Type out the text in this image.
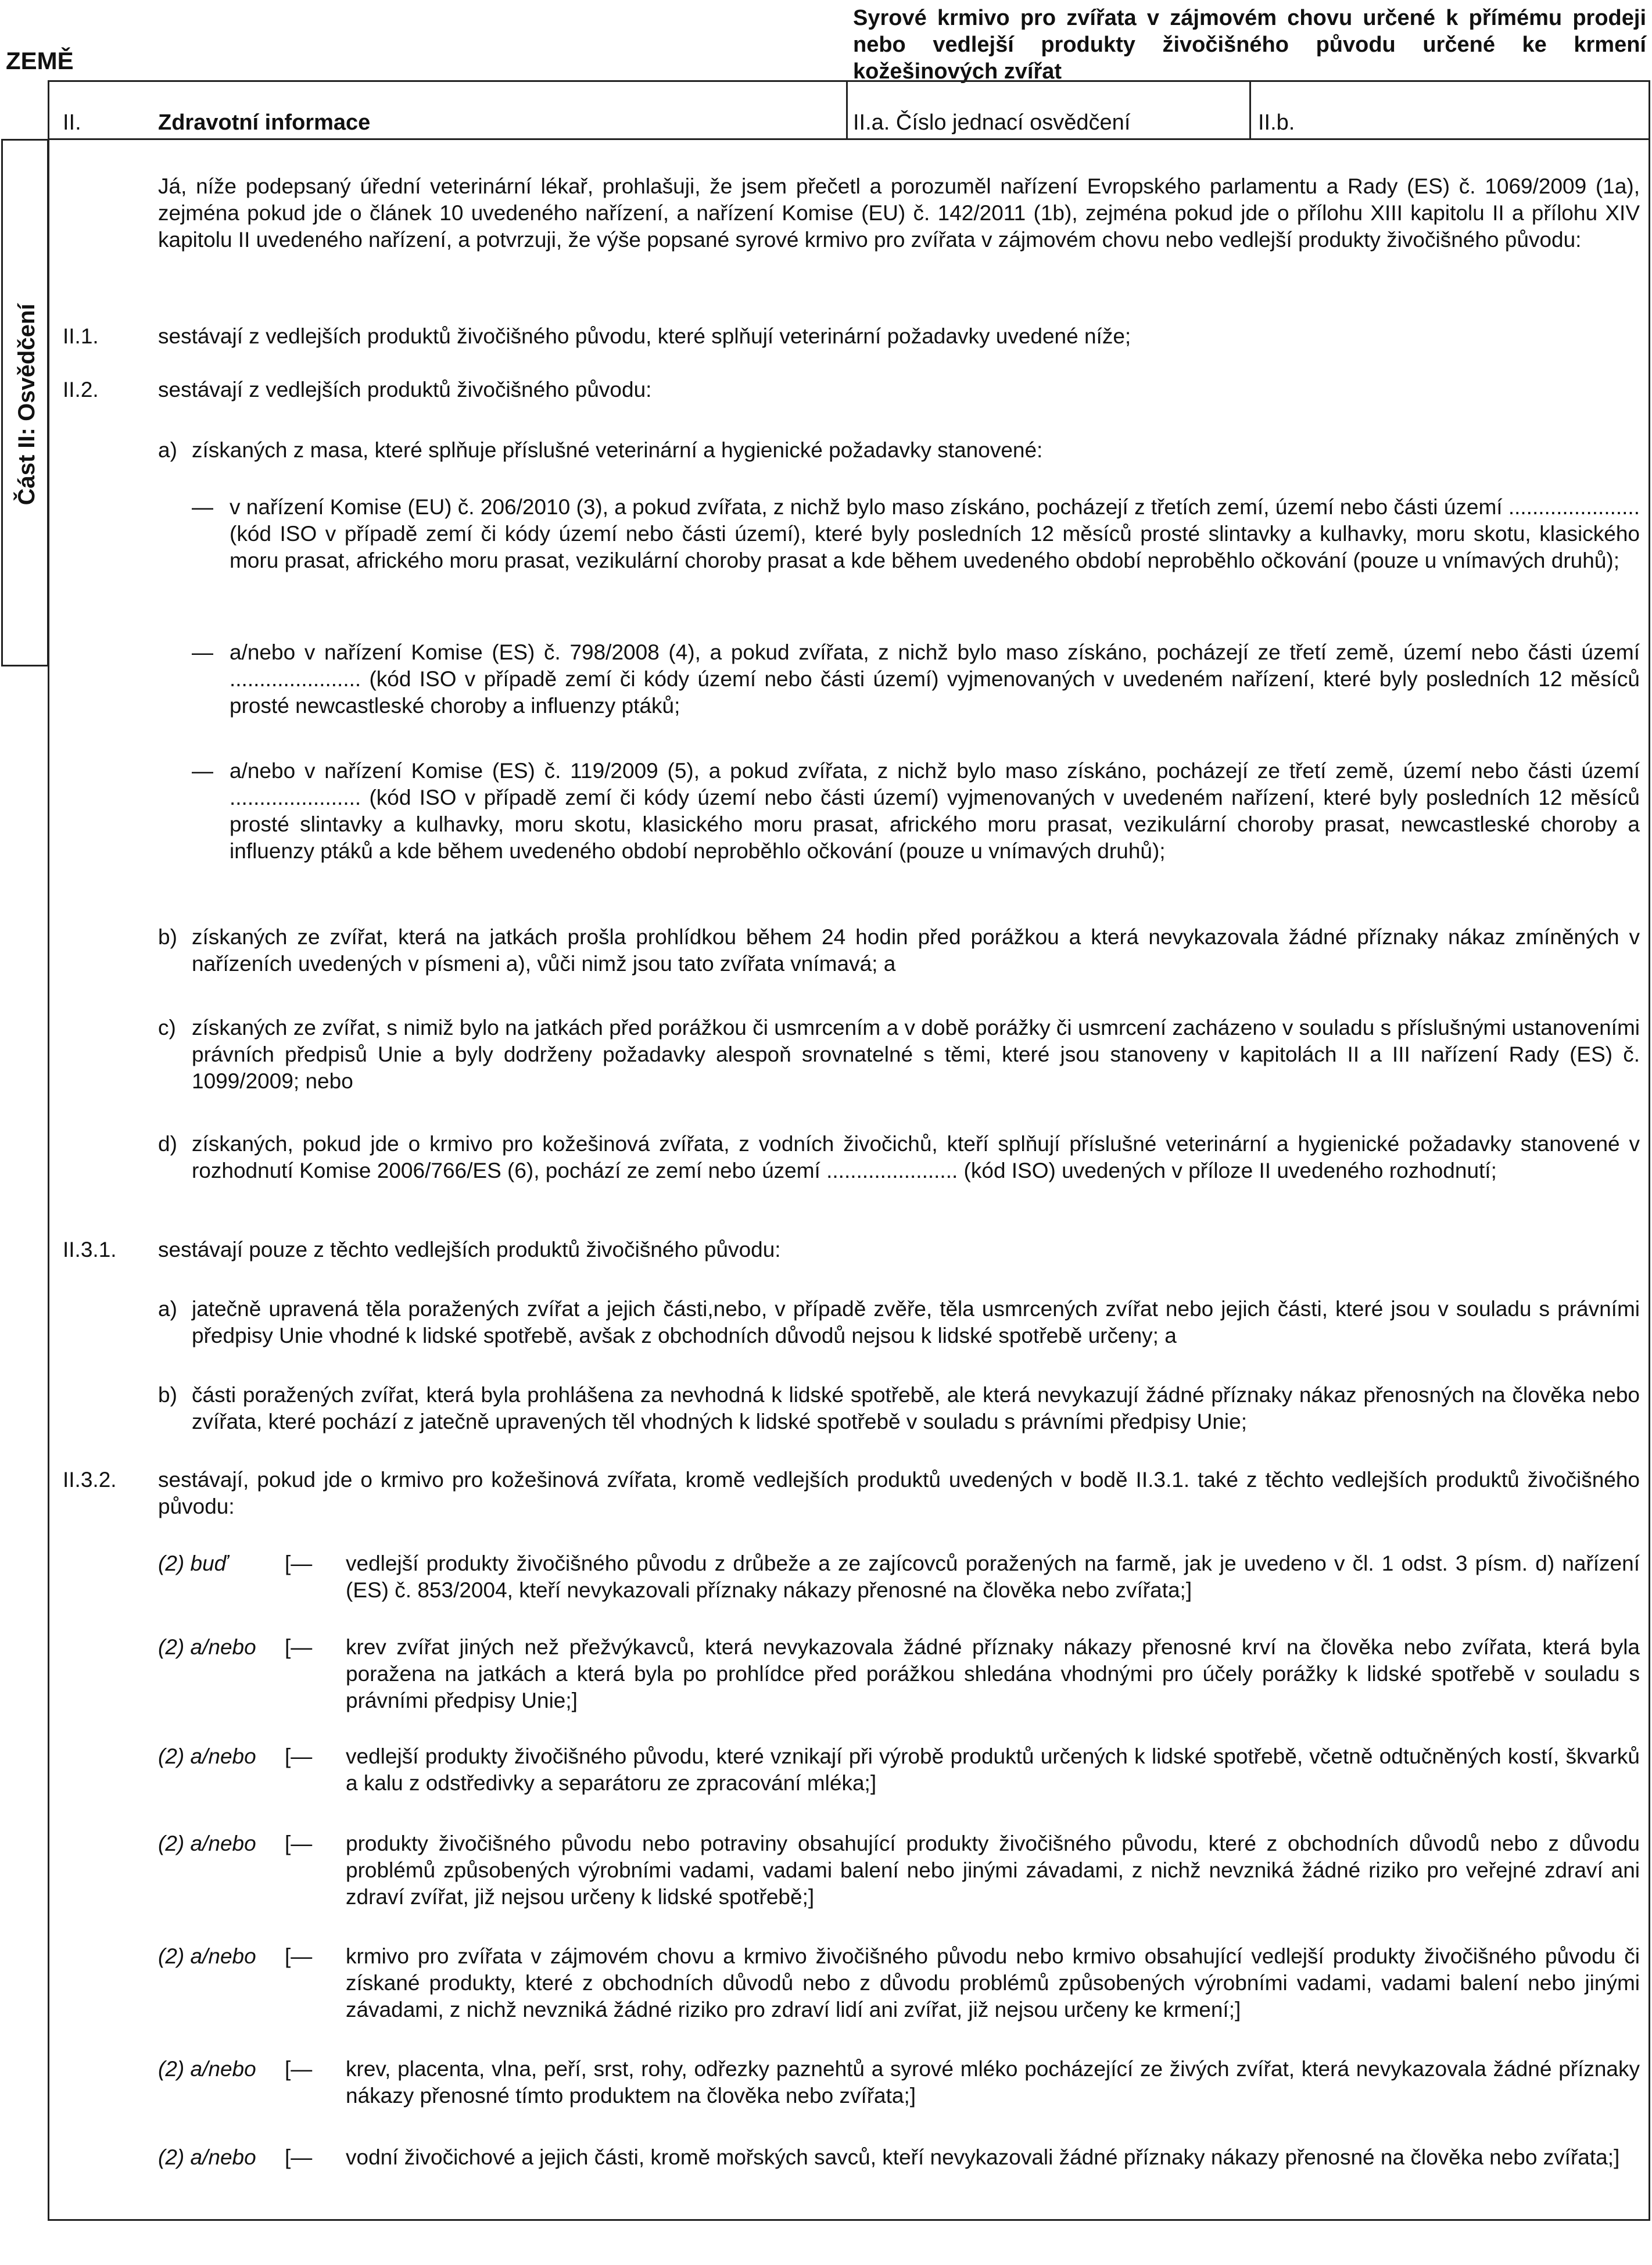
ZEMĚ
Syrové krmivo pro zvířata v zájmovém chovu určené k přímému prodeji nebo vedlejší produkty živočišného původu určené ke krmení kožešinových zvířat
II.	Zdravotní informace	II.a. Číslo jednací osvědčení	II.b.
Část II: Osvědčení
Já, níže podepsaný úřední veterinární lékař, prohlašuji, že jsem přečetl a porozuměl nařízení Evropského parlamentu a Rady (ES) č. 1069/2009 (1a), zejména pokud jde o článek 10 uvedeného nařízení, a nařízení Komise (EU) č. 142/2011 (1b), zejména pokud jde o přílohu XIII kapitolu II a přílohu XIV kapitolu II uvedeného nařízení, a potvrzuji, že výše popsané syrové krmivo pro zvířata v zájmovém chovu nebo vedlejší produkty živočišného původu:
II.1.	sestávají z vedlejších produktů živočišného původu, které splňují veterinární požadavky uvedené níže;
II.2.	sestávají z vedlejších produktů živočišného původu:
a) získaných z masa, které splňuje příslušné veterinární a hygienické požadavky stanovené:
— v nařízení Komise (EU) č. 206/2010 (3), a pokud zvířata, z nichž bylo maso získáno, pocházejí z třetích zemí, území nebo části území ...................... (kód ISO v případě zemí či kódy území nebo části území), které byly posledních 12 měsíců prosté slintavky a kulhavky, moru skotu, klasického moru prasat, afrického moru prasat, vezikulární choroby prasat a kde během uvedeného období neproběhlo očkování (pouze u vnímavých druhů);
— a/nebo v nařízení Komise (ES) č. 798/2008 (4), a pokud zvířata, z nichž bylo maso získáno, pocházejí ze třetí země, území nebo části území ...................... (kód ISO v případě zemí či kódy území nebo části území) vyjmenovaných v uvedeném nařízení, které byly posledních 12 měsíců prosté newcastleské choroby a influenzy ptáků;
— a/nebo v nařízení Komise (ES) č. 119/2009 (5), a pokud zvířata, z nichž bylo maso získáno, pocházejí ze třetí země, území nebo části území ...................... (kód ISO v případě zemí či kódy území nebo části území) vyjmenovaných v uvedeném nařízení, které byly posledních 12 měsíců prosté slintavky a kulhavky, moru skotu, klasického moru prasat, afrického moru prasat, vezikulární choroby prasat, newcastleské choroby a influenzy ptáků a kde během uvedeného období neproběhlo očkování (pouze u vnímavých druhů);
b) získaných ze zvířat, která na jatkách prošla prohlídkou během 24 hodin před porážkou a která nevykazovala žádné příznaky nákaz zmíněných v nařízeních uvedených v písmeni a), vůči nimž jsou tato zvířata vnímavá; a
c) získaných ze zvířat, s nimiž bylo na jatkách před porážkou či usmrcením a v době porážky či usmrcení zacházeno v souladu s příslušnými ustanoveními právních předpisů Unie a byly dodrženy požadavky alespoň srovnatelné s těmi, které jsou stanoveny v kapitolách II a III nařízení Rady (ES) č. 1099/2009; nebo
d) získaných, pokud jde o krmivo pro kožešinová zvířata, z vodních živočichů, kteří splňují příslušné veterinární a hygienické požadavky stanovené v rozhodnutí Komise 2006/766/ES (6), pochází ze zemí nebo území ...................... (kód ISO) uvedených v příloze II uvedeného rozhodnutí;
II.3.1. sestávají pouze z těchto vedlejších produktů živočišného původu:
a) jatečně upravená těla poražených zvířat a jejich části,nebo, v případě zvěře, těla usmrcených zvířat nebo jejich části, které jsou v souladu s právními předpisy Unie vhodné k lidské spotřebě, avšak z obchodních důvodů nejsou k lidské spotřebě určeny; a
b) části poražených zvířat, která byla prohlášena za nevhodná k lidské spotřebě, ale která nevykazují žádné příznaky nákaz přenosných na člověka nebo zvířata, které pochází z jatečně upravených těl vhodných k lidské spotřebě v souladu s právními předpisy Unie;
II.3.2. sestávají, pokud jde o krmivo pro kožešinová zvířata, kromě vedlejších produktů uvedených v bodě II.3.1. také z těchto vedlejších produktů živočišného původu:
(2) buď	[— vedlejší produkty živočišného původu z drůbeže a ze zajícovců poražených na farmě, jak je uvedeno v čl. 1 odst. 3 písm. d) nařízení (ES) č. 853/2004, kteří nevykazovali příznaky nákazy přenosné na člověka nebo zvířata;]
(2) a/nebo [— krev zvířat jiných než přežvýkavců, která nevykazovala žádné příznaky nákazy přenosné krví na člověka nebo zvířata, která byla poražena na jatkách a která byla po prohlídce před porážkou shledána vhodnými pro účely porážky k lidské spotřebě v souladu s právními předpisy Unie;]
(2) a/nebo [— vedlejší produkty živočišného původu, které vznikají při výrobě produktů určených k lidské spotřebě, včetně odtučněných kostí, škvarků a kalu z odstředivky a separátoru ze zpracování mléka;]
(2) a/nebo [— produkty živočišného původu nebo potraviny obsahující produkty živočišného původu, které z obchodních důvodů nebo z důvodu problémů způsobených výrobními vadami, vadami balení nebo jinými závadami, z nichž nevzniká žádné riziko pro veřejné zdraví ani zdraví zvířat, již nejsou určeny k lidské spotřebě;]
(2) a/nebo [— krmivo pro zvířata v zájmovém chovu a krmivo živočišného původu nebo krmivo obsahující vedlejší produkty živočišného původu či získané produkty, které z obchodních důvodů nebo z důvodu problémů způsobených výrobními vadami, vadami balení nebo jinými závadami, z nichž nevzniká žádné riziko pro zdraví lidí ani zvířat, již nejsou určeny ke krmení;]
(2) a/nebo [— krev, placenta, vlna, peří, srst, rohy, odřezky paznehtů a syrové mléko pocházející ze živých zvířat, která nevykazovala žádné příznaky nákazy přenosné tímto produktem na člověka nebo zvířata;]
(2) a/nebo [— vodní živočichové a jejich části, kromě mořských savců, kteří nevykazovali žádné příznaky nákazy přenosné na člověka nebo zvířata;]
